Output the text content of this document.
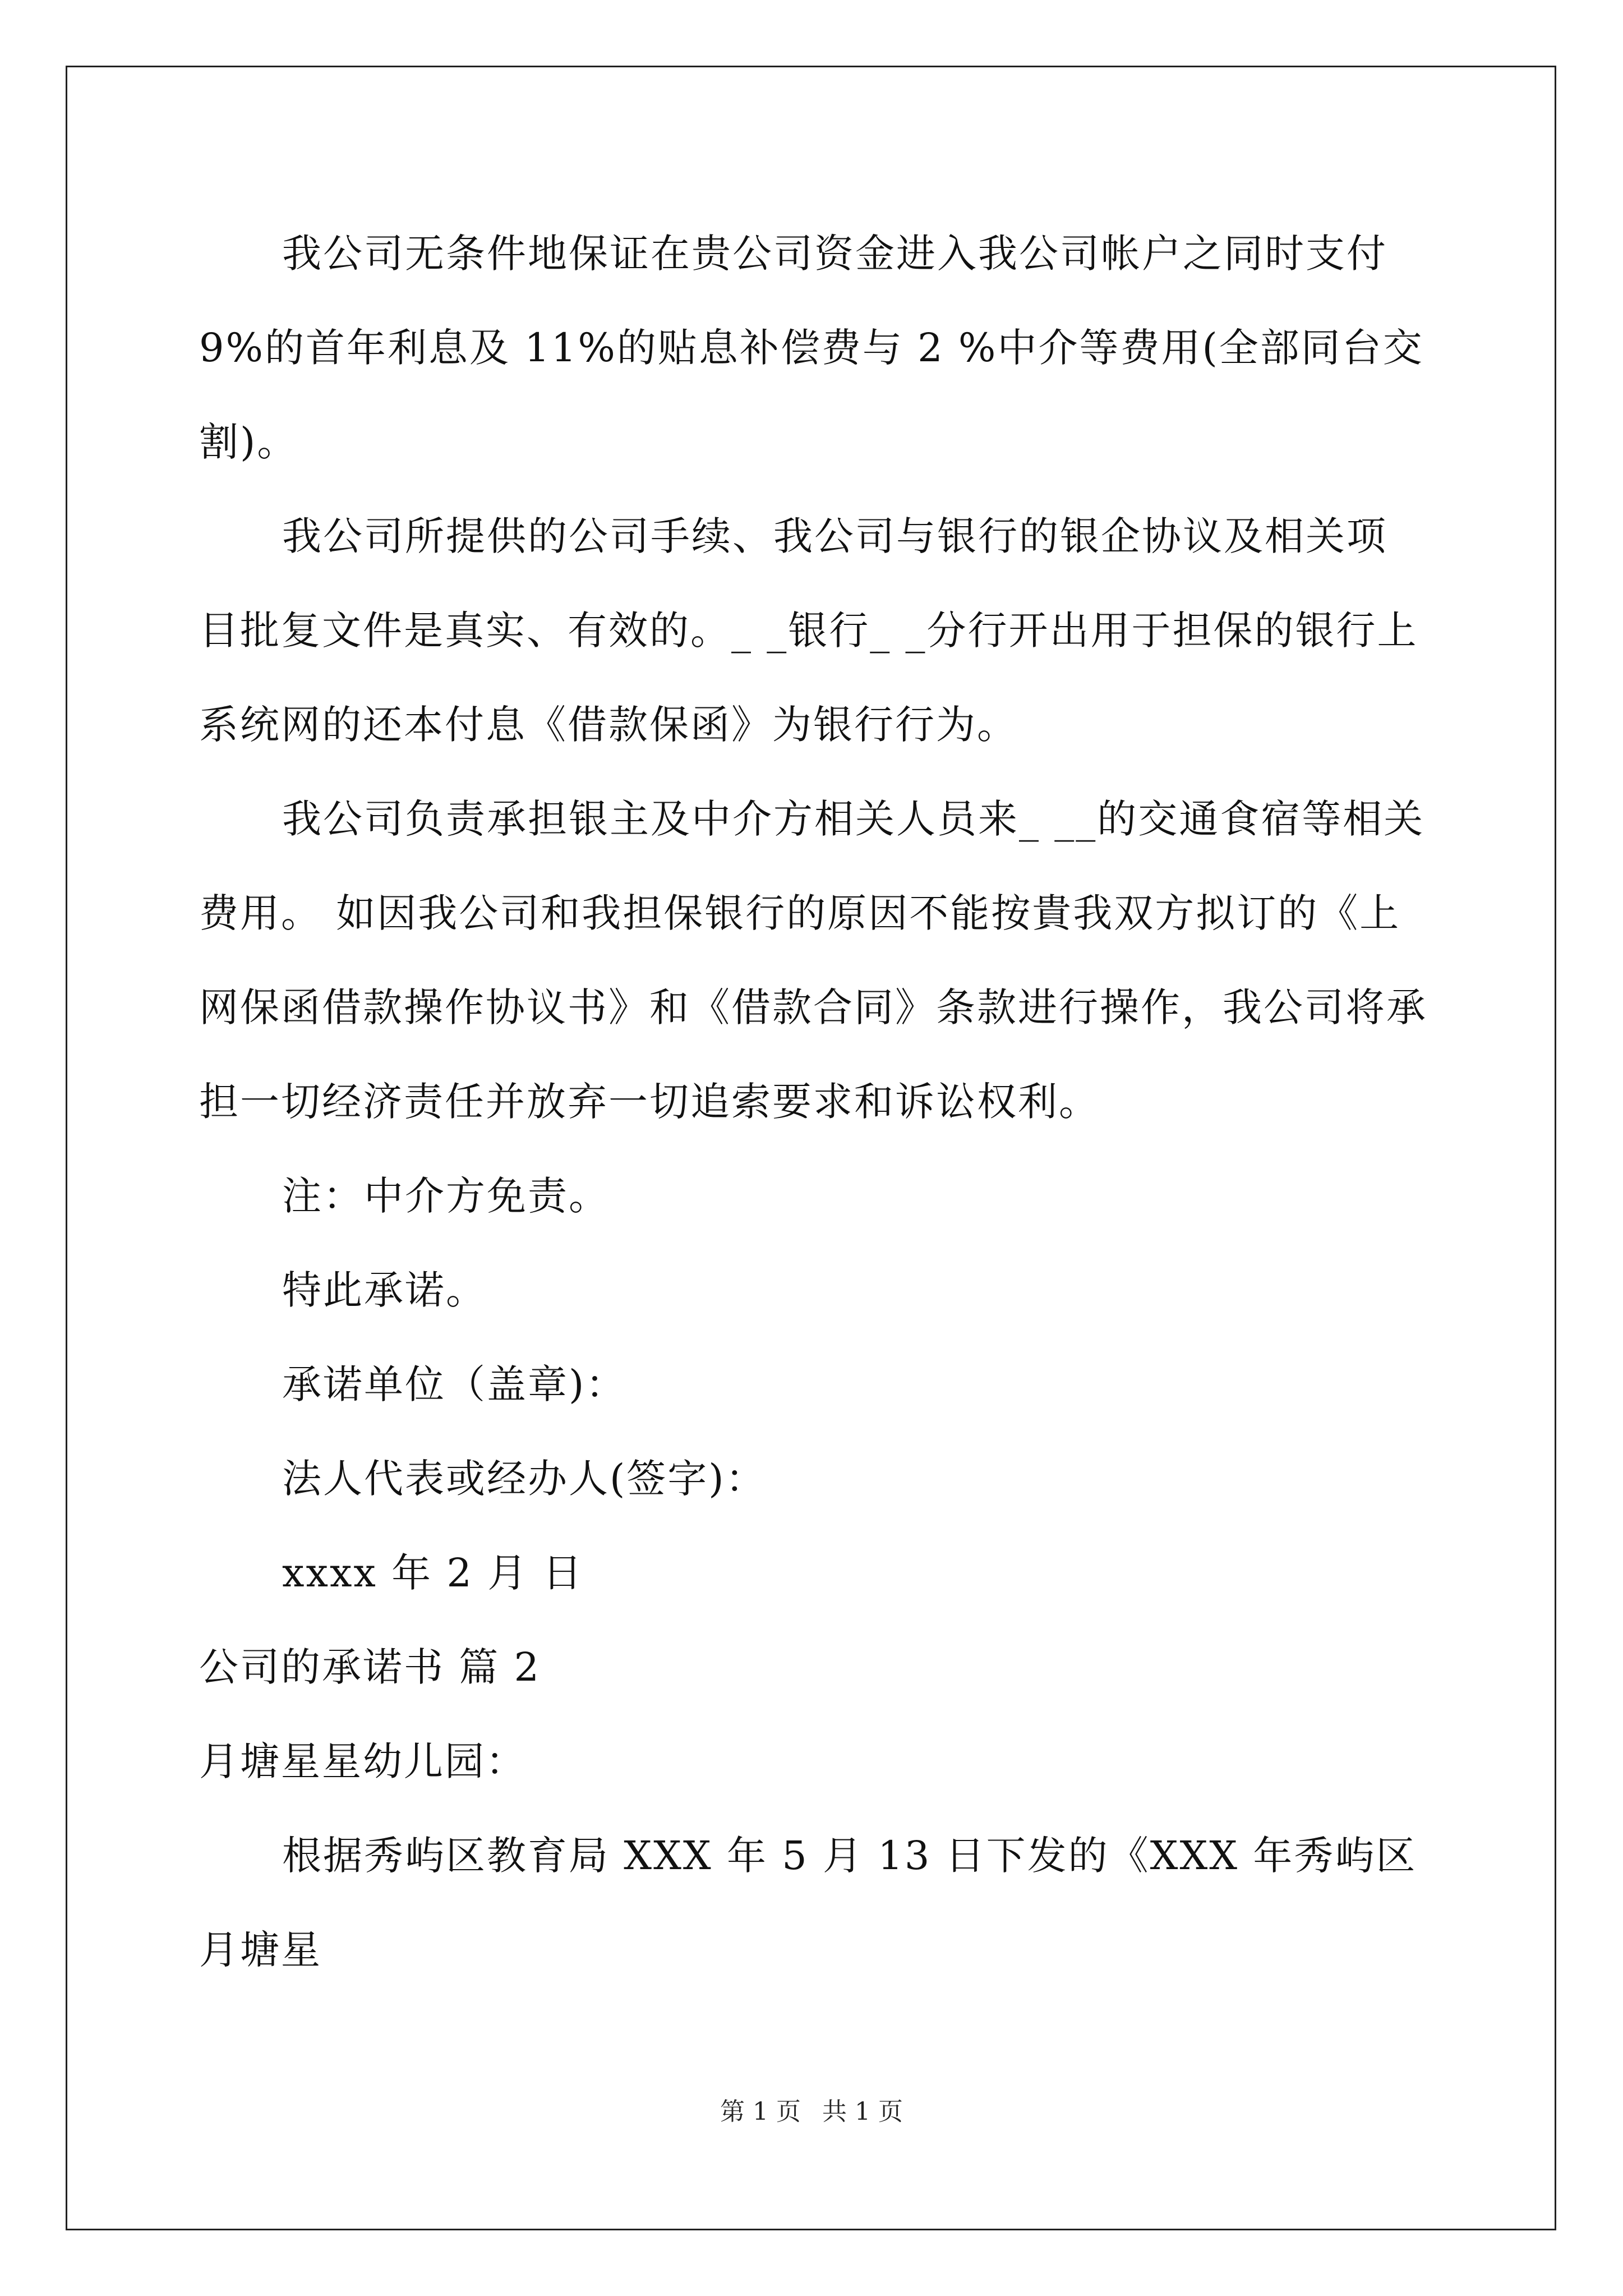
我公司无条件地保证在贵公司资金进入我公司帐户之同时支付 9%的首年利息及 11%的贴息补偿费与 2 %中介等费用(全部同台交割)。

我公司所提供的公司手续、我公司与银行的银企协议及相关项目批复文件是真实、有效的。_ _银行_ _分行开出用于担保的银行上系统网的还本付息《借款保函》为银行行为。

我公司负责承担银主及中介方相关人员来_ __的交通食宿等相关费用。 如因我公司和我担保银行的原因不能按貴我双方拟订的《上网保函借款操作协议书》和《借款合同》条款进行操作，我公司将承担一切经济责任并放弃一切追索要求和诉讼权利。

注：中介方免责。

特此承诺。

承诺单位（盖章)：

法人代表或经办人(签字)：

xxxx 年 2 月 日

公司的承诺书 篇 2

月塘星星幼儿园：

根据秀屿区教育局 XXX 年 5 月 13 日下发的《XXX 年秀屿区月塘星

第 1 页 共 1 页
